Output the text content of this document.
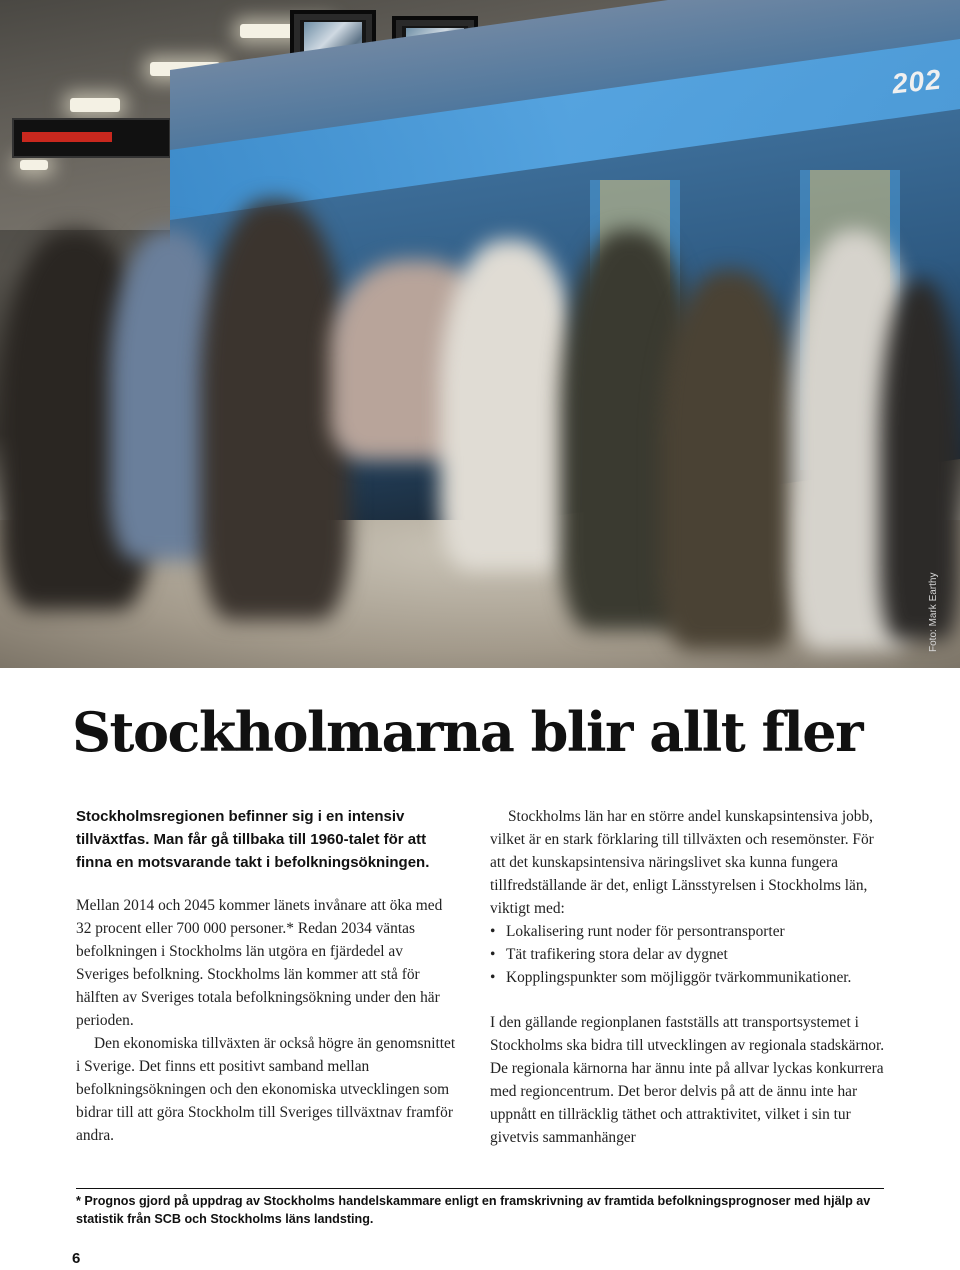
202
Foto: Mark Earthy
Stockholmarna blir allt fler

Stockholmsregionen befinner sig i en intensiv tillväxtfas. Man får gå tillbaka till 1960-talet för att finna en motsvarande takt i befolkningsökningen.

Mellan 2014 och 2045 kommer länets invånare att öka med 32 procent eller 700 000 personer.* Redan 2034 väntas befolkningen i Stockholms län utgöra en fjärdedel av Sveriges befolkning. Stockholms län kommer att stå för hälften av Sveriges totala befolkningsökning under den här perioden.

Den ekonomiska tillväxten är också högre än genomsnittet i Sverige. Det finns ett positivt samband mellan befolkningsökningen och den ekonomiska utvecklingen som bidrar till att göra Stockholm till Sveriges tillväxtnav framför andra.

Stockholms län har en större andel kunskapsintensiva jobb, vilket är en stark förklaring till tillväxten och resemönster. För att det kunskapsintensiva näringslivet ska kunna fungera tillfredställande är det, enligt Länsstyrelsen i Stockholms län, viktigt med:

• Lokalisering runt noder för persontransporter
• Tät trafikering stora delar av dygnet
• Kopplingspunkter som möjliggör tvärkommunikationer.

I den gällande regionplanen fastställs att transportsystemet i Stockholms ska bidra till utvecklingen av regionala stadskärnor. De regionala kärnorna har ännu inte på allvar lyckas konkurrera med regioncentrum. Det beror delvis på att de ännu inte har uppnått en tillräcklig täthet och attraktivitet, vilket i sin tur givetvis sammanhänger

* Prognos gjord på uppdrag av Stockholms handelskammare enligt en framskrivning av framtida befolkningsprognoser med hjälp av statistik från SCB och Stockholms läns landsting.

6
